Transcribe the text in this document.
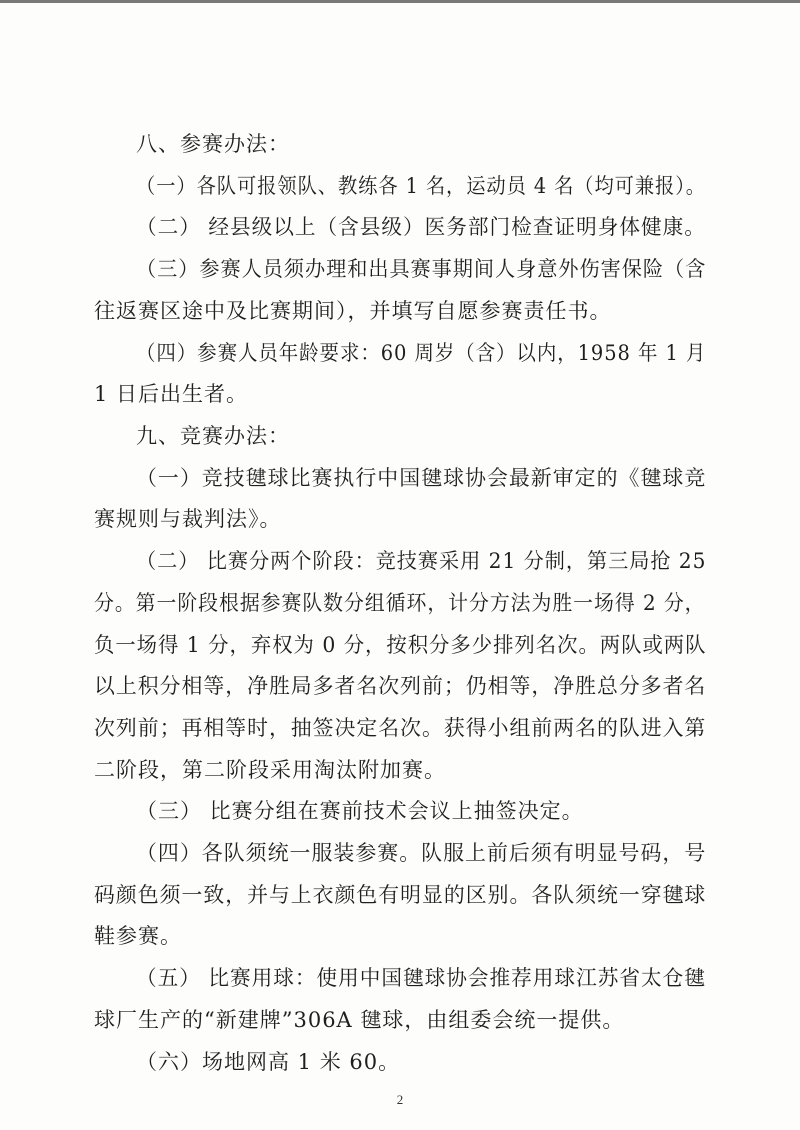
八、参赛办法：
（一）各队可报领队、教练各 1 名，运动员 4 名（均可兼报）。
（二） 经县级以上（含县级）医务部门检查证明身体健康。
（三）参赛人员须办理和出具赛事期间人身意外伤害保险（含
往返赛区途中及比赛期间），并填写自愿参赛责任书。
（四）参赛人员年龄要求：60 周岁（含）以内，1958 年 1 月
1 日后出生者。
九、竞赛办法：
（一）竞技毽球比赛执行中国毽球协会最新审定的《毽球竞
赛规则与裁判法》。
（二） 比赛分两个阶段：竞技赛采用 21 分制，第三局抢 25
分。第一阶段根据参赛队数分组循环，计分方法为胜一场得 2 分，
负一场得 1 分，弃权为 0 分，按积分多少排列名次。两队或两队
以上积分相等，净胜局多者名次列前；仍相等，净胜总分多者名
次列前；再相等时，抽签决定名次。获得小组前两名的队进入第
二阶段，第二阶段采用淘汰附加赛。
（三） 比赛分组在赛前技术会议上抽签决定。
（四）各队须统一服装参赛。队服上前后须有明显号码，号
码颜色须一致，并与上衣颜色有明显的区别。各队须统一穿毽球
鞋参赛。
（五） 比赛用球：使用中国毽球协会推荐用球江苏省太仓毽
球厂生产的“新建牌”306A 毽球，由组委会统一提供。
（六）场地网高 1 米 60。
2
